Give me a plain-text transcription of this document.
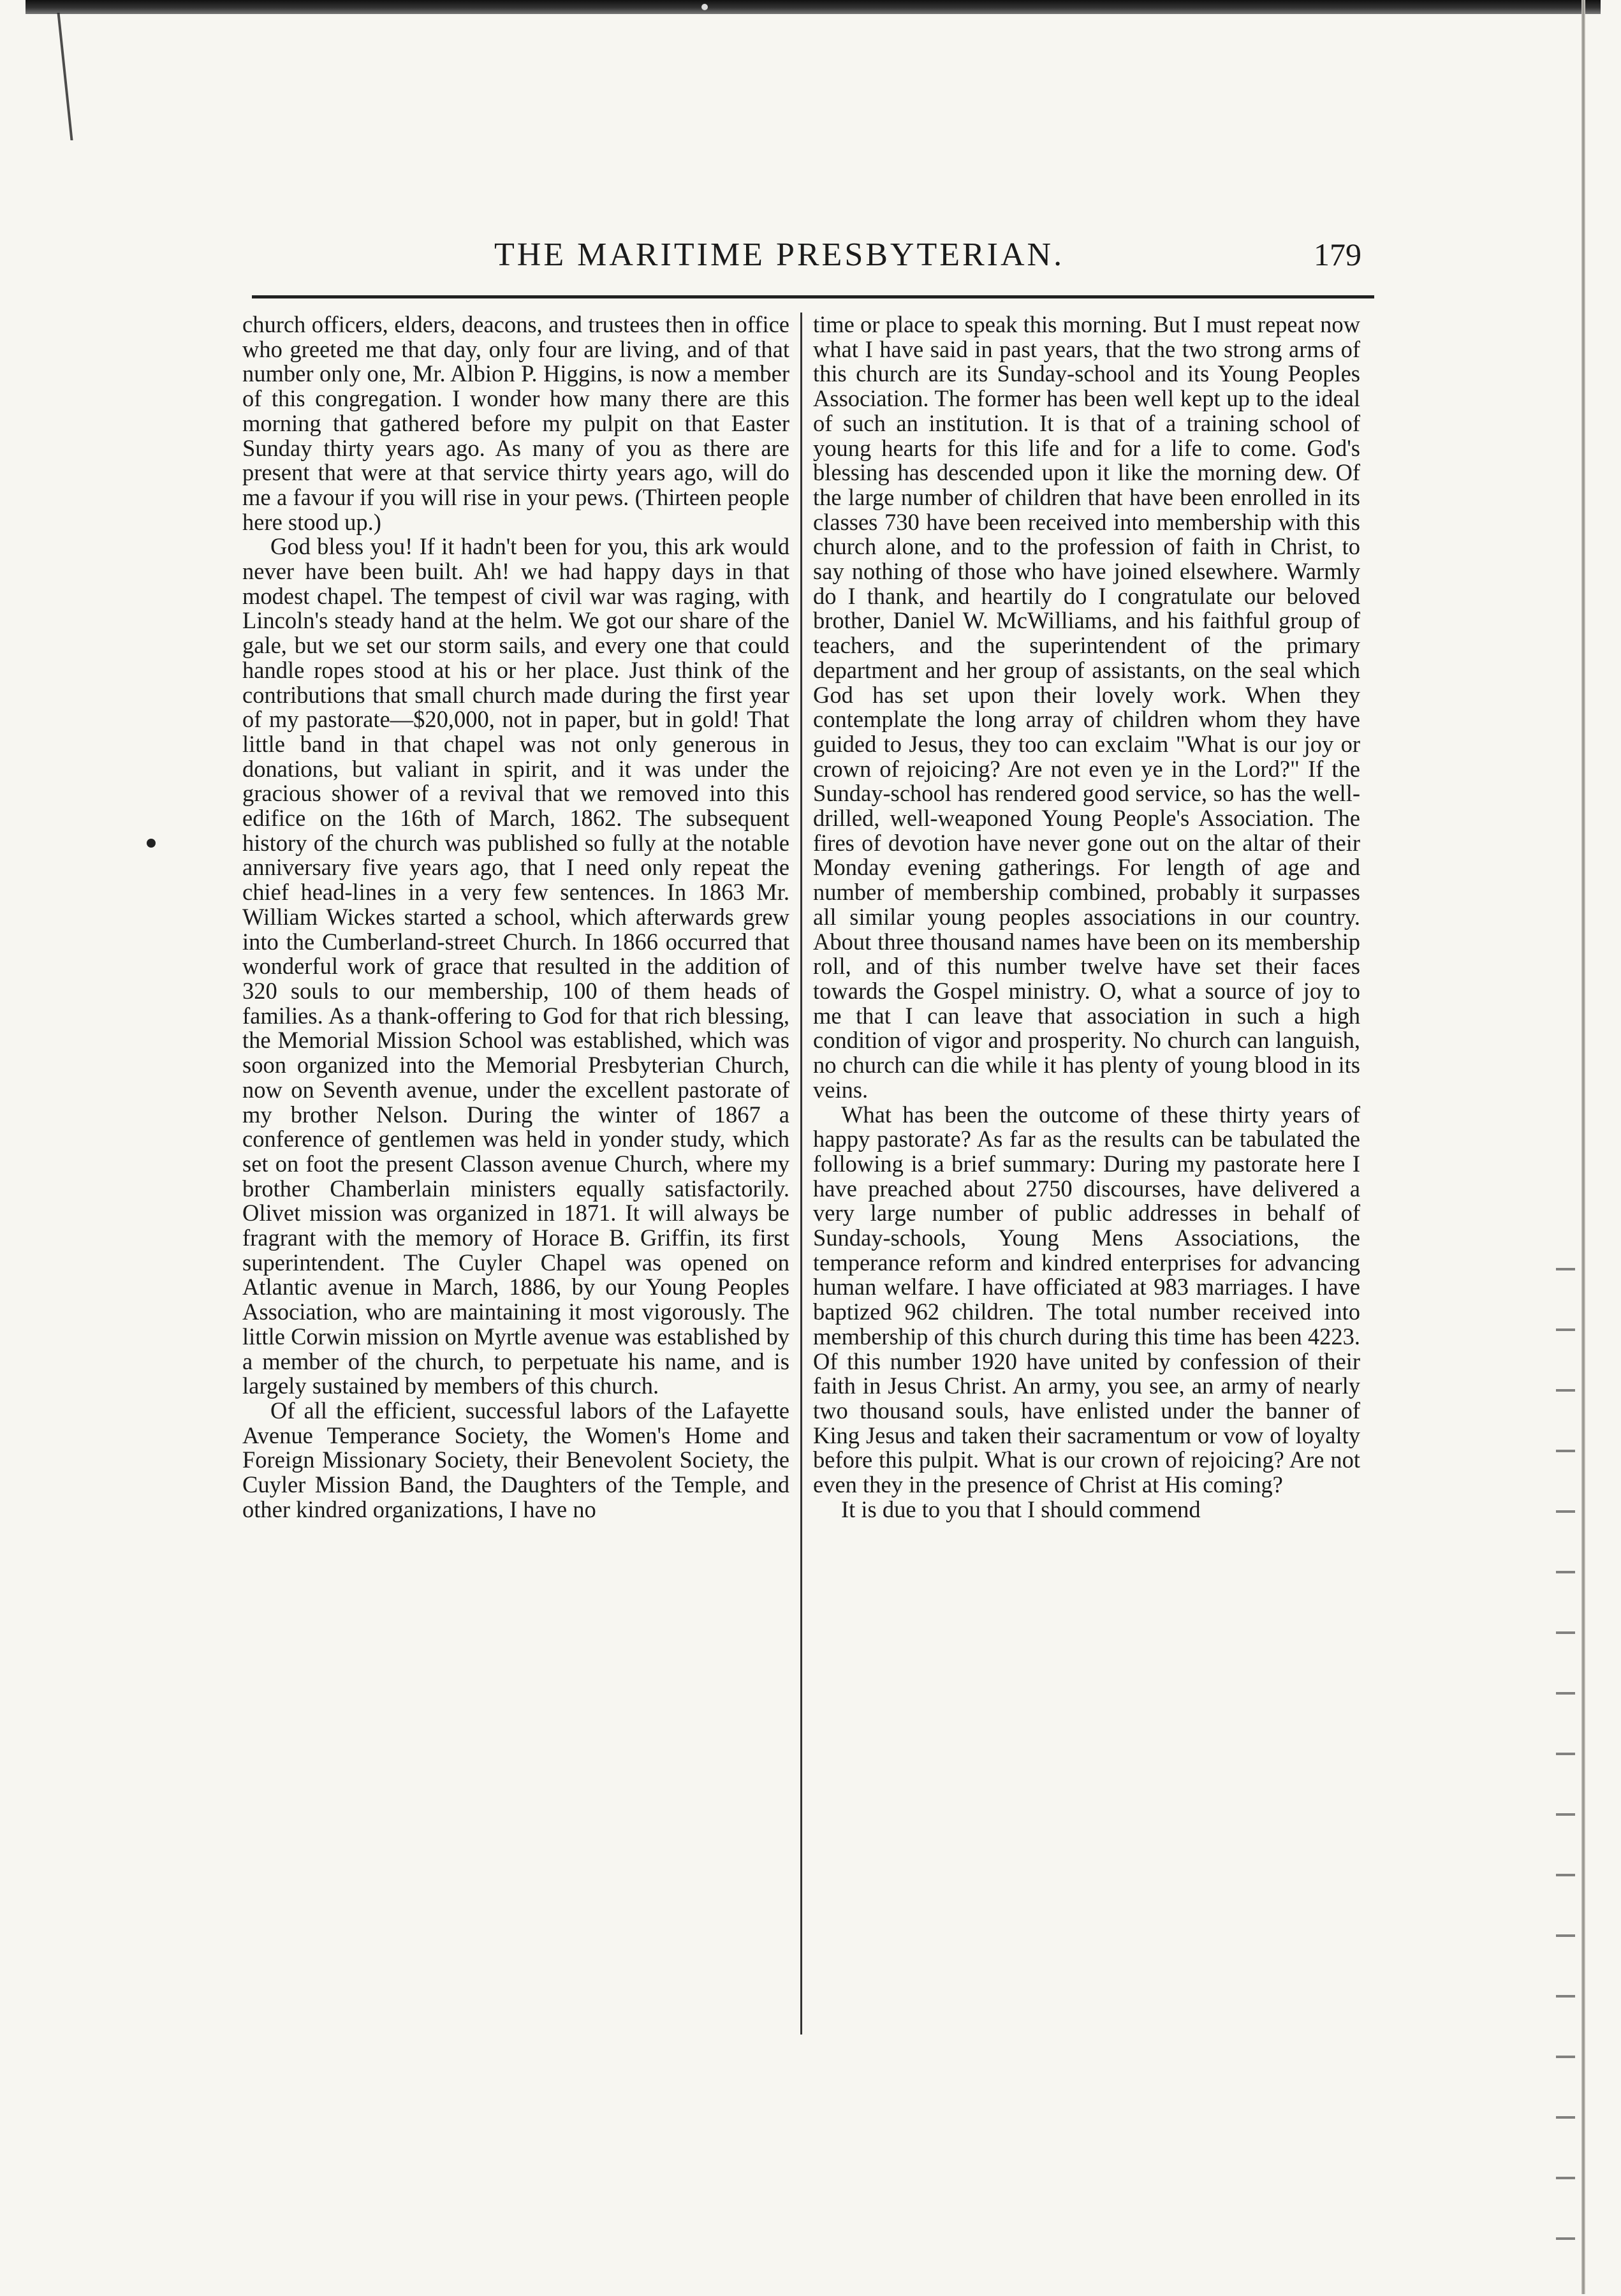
THE MARITIME PRESBYTERIAN.	179

church officers, elders, deacons, and trustees then in office who greeted me that day, only four are living, and of that number only one, Mr. Albion P. Higgins, is now a member of this congregation. I wonder how many there are this morning that gathered before my pulpit on that Easter Sunday thirty years ago. As many of you as there are present that were at that service thirty years ago, will do me a favour if you will rise in your pews. (Thirteen people here stood up.)

God bless you! If it hadn't been for you, this ark would never have been built. Ah! we had happy days in that modest chapel. The tempest of civil war was raging, with Lincoln's steady hand at the helm. We got our share of the gale, but we set our storm sails, and every one that could handle ropes stood at his or her place. Just think of the contributions that small church made during the first year of my pastorate—$20,000, not in paper, but in gold! That little band in that chapel was not only generous in donations, but valiant in spirit, and it was under the gracious shower of a revival that we removed into this edifice on the 16th of March, 1862. The subsequent history of the church was published so fully at the notable anniversary five years ago, that I need only repeat the chief head-lines in a very few sentences. In 1863 Mr. William Wickes started a school, which afterwards grew into the Cumberland-street Church. In 1866 occurred that wonderful work of grace that resulted in the addition of 320 souls to our membership, 100 of them heads of families. As a thank-offering to God for that rich blessing, the Memorial Mission School was established, which was soon organized into the Memorial Presbyterian Church, now on Seventh avenue, under the excellent pastorate of my brother Nelson. During the winter of 1867 a conference of gentlemen was held in yonder study, which set on foot the present Classon avenue Church, where my brother Chamberlain ministers equally satisfactorily. Olivet mission was organized in 1871. It will always be fragrant with the memory of Horace B. Griffin, its first superintendent. The Cuyler Chapel was opened on Atlantic avenue in March, 1886, by our Young Peoples Association, who are maintaining it most vigorously. The little Corwin mission on Myrtle avenue was established by a member of the church, to perpetuate his name, and is largely sustained by members of this church.

Of all the efficient, successful labors of the Lafayette Avenue Temperance Society, the Women's Home and Foreign Missionary Society, their Benevolent Society, the Cuyler Mission Band, the Daughters of the Temple, and other kindred organizations, I have no

time or place to speak this morning. But I must repeat now what I have said in past years, that the two strong arms of this church are its Sunday-school and its Young Peoples Association. The former has been well kept up to the ideal of such an institution. It is that of a training school of young hearts for this life and for a life to come. God's blessing has descended upon it like the morning dew. Of the large number of children that have been enrolled in its classes 730 have been received into membership with this church alone, and to the profession of faith in Christ, to say nothing of those who have joined elsewhere. Warmly do I thank, and heartily do I congratulate our beloved brother, Daniel W. McWilliams, and his faithful group of teachers, and the superintendent of the primary department and her group of assistants, on the seal which God has set upon their lovely work. When they contemplate the long array of children whom they have guided to Jesus, they too can exclaim "What is our joy or crown of rejoicing? Are not even ye in the Lord?" If the Sunday-school has rendered good service, so has the well-drilled, well-weaponed Young People's Association. The fires of devotion have never gone out on the altar of their Monday evening gatherings. For length of age and number of membership combined, probably it surpasses all similar young peoples associations in our country. About three thousand names have been on its membership roll, and of this number twelve have set their faces towards the Gospel ministry. O, what a source of joy to me that I can leave that association in such a high condition of vigor and prosperity. No church can languish, no church can die while it has plenty of young blood in its veins.

What has been the outcome of these thirty years of happy pastorate? As far as the results can be tabulated the following is a brief summary: During my pastorate here I have preached about 2750 discourses, have delivered a very large number of public addresses in behalf of Sunday-schools, Young Mens Associations, the temperance reform and kindred enterprises for advancing human welfare. I have officiated at 983 marriages. I have baptized 962 children. The total number received into membership of this church during this time has been 4223. Of this number 1920 have united by confession of their faith in Jesus Christ. An army, you see, an army of nearly two thousand souls, have enlisted under the banner of King Jesus and taken their sacramentum or vow of loyalty before this pulpit. What is our crown of rejoicing? Are not even they in the presence of Christ at His coming?

It is due to you that I should commend
